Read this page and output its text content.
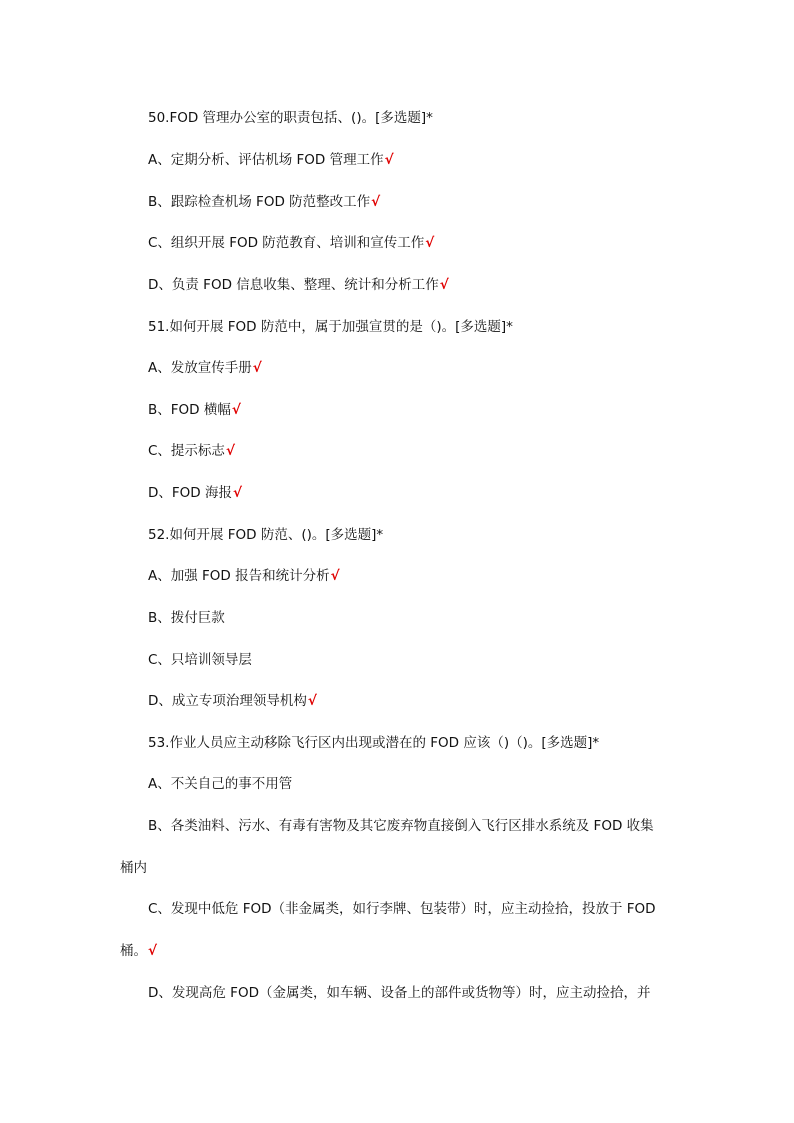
50.FOD 管理办公室的职责包括、()。[多选题]*
A、定期分析、评估机场 FOD 管理工作√
B、跟踪检查机场 FOD 防范整改工作√
C、组织开展 FOD 防范教育、培训和宣传工作√
D、负责 FOD 信息收集、整理、统计和分析工作√
51.如何开展 FOD 防范中，属于加强宣贯的是（)。[多选题]*
A、发放宣传手册√
B、FOD 横幅√
C、提示标志√
D、FOD 海报√
52.如何开展 FOD 防范、()。[多选题]*
A、加强 FOD 报告和统计分析√
B、拨付巨款
C、只培训领导层
D、成立专项治理领导机构√
53.作业人员应主动移除飞行区内出现或潜在的 FOD 应该（)（)。[多选题]*
A、不关自己的事不用管
B、各类油料、污水、有毒有害物及其它废弃物直接倒入飞行区排水系统及 FOD 收集
桶内
C、发现中低危 FOD（非金属类，如行李牌、包装带）时，应主动捡拾，投放于 FOD
桶。√
D、发现高危 FOD（金属类，如车辆、设备上的部件或货物等）时，应主动捡拾，并
